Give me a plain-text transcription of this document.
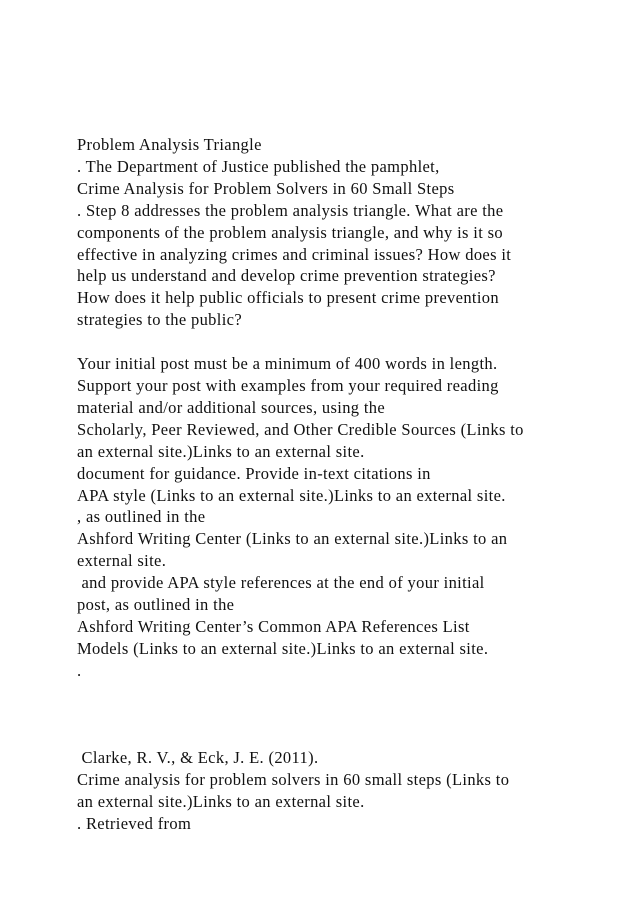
Problem Analysis Triangle
. The Department of Justice published the pamphlet,
Crime Analysis for Problem Solvers in 60 Small Steps
. Step 8 addresses the problem analysis triangle. What are the
components of the problem analysis triangle, and why is it so
effective in analyzing crimes and criminal issues? How does it
help us understand and develop crime prevention strategies?
How does it help public officials to present crime prevention
strategies to the public?

Your initial post must be a minimum of 400 words in length.
Support your post with examples from your required reading
material and/or additional sources, using the
Scholarly, Peer Reviewed, and Other Credible Sources (Links to
an external site.)Links to an external site.
document for guidance. Provide in-text citations in
APA style (Links to an external site.)Links to an external site.
, as outlined in the
Ashford Writing Center (Links to an external site.)Links to an
external site.
and provide APA style references at the end of your initial
post, as outlined in the
Ashford Writing Center’s Common APA References List
Models (Links to an external site.)Links to an external site.
.

Clarke, R. V., & Eck, J. E. (2011).
Crime analysis for problem solvers in 60 small steps (Links to
an external site.)Links to an external site.
. Retrieved from
